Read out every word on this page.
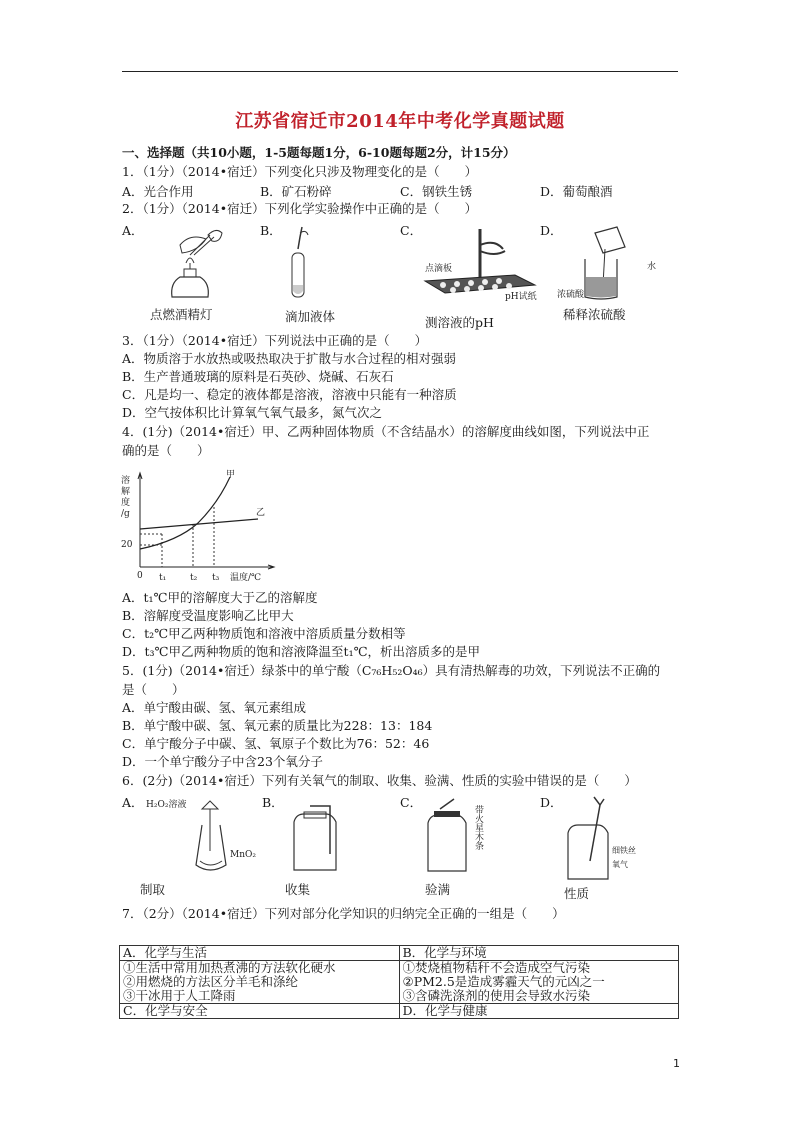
江苏省宿迁市2014年中考化学真题试题
一、选择题（共10小题，1-5题每题1分，6-10题每题2分，计15分）
1．（1分）（2014•宿迁）下列变化只涉及物理变化的是（　　）
A．光合作用	B．矿石粉碎	C．钢铁生锈	D．葡萄酿酒
2．（1分）（2014•宿迁）下列化学实验操作中正确的是（　　）
A．	B．	C．	D．
点燃酒精灯	滴加液体
点滴板
pH试纸
测溶液的pH
水
浓硫酸
稀释浓硫酸
3．（1分）（2014•宿迁）下列说法中正确的是（　　）
A．物质溶于水放热或吸热取决于扩散与水合过程的相对强弱
B．生产普通玻璃的原料是石英砂、烧碱、石灰石
C．凡是均一、稳定的液体都是溶液，溶液中只能有一种溶质
D．空气按体积比计算氧气氧气最多，氮气次之
4．(1分)（2014•宿迁）甲、乙两种固体物质（不含结晶水）的溶解度曲线如图，下列说法中正
确的是（　　）
溶
解
度
/g
20
0 t₁	t₂ t₃ 温度/℃
甲
乙
A．t₁℃甲的溶解度大于乙的溶解度
B．溶解度受温度影响乙比甲大
C．t₂℃甲乙两种物质饱和溶液中溶质质量分数相等
D．t₃℃甲乙两种物质的饱和溶液降温至t₁℃，析出溶质多的是甲
5．(1分)（2014•宿迁）绿茶中的单宁酸（C₇₆H₅₂O₄₆）具有清热解毒的功效，下列说法不正确的
是（　　）
A．单宁酸由碳、氢、氧元素组成
B．单宁酸中碳、氢、氧元素的质量比为228：13：184
C．单宁酸分子中碳、氢、氧原子个数比为76：52：46
D．一个单宁酸分子中含23个氧分子
6．(2分)（2014•宿迁）下列有关氧气的制取、收集、验满、性质的实验中错误的是（　　）
A．	B．	C．	D．
H₂O₂溶液
MnO₂
制取	收集
带火星木条
验满
细铁丝
氧气
性质
7．（2分）（2014•宿迁）下列对部分化学知识的归纳完全正确的一组是（　　）
A．化学与生活	B．化学与环境
①生活中常用加热煮沸的方法软化硬水	①焚烧植物秸秆不会造成空气污染
②用燃烧的方法区分羊毛和涤纶	②PM2.5是造成雾霾天气的元凶之一
③干冰用于人工降雨	③含磷洗涤剂的使用会导致水污染
C．化学与安全	D．化学与健康
1
